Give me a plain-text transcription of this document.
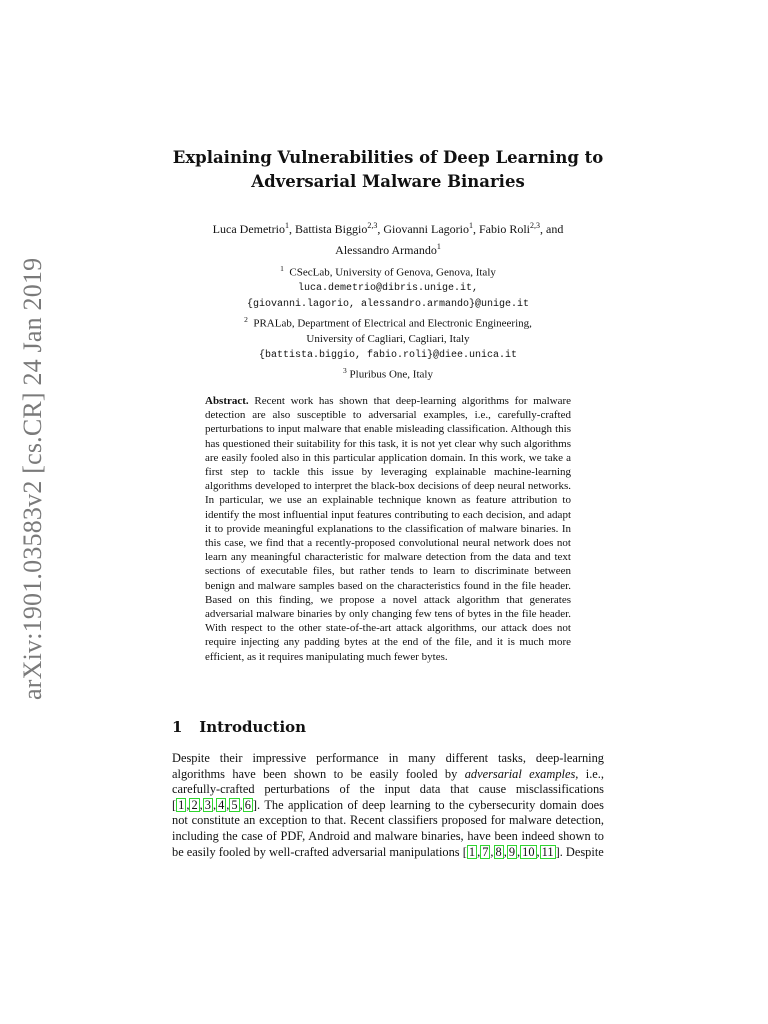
arXiv:1901.03583v2 [cs.CR] 24 Jan 2019
Explaining Vulnerabilities of Deep Learning to
Adversarial Malware Binaries
Luca Demetrio$^1$, Battista Biggio$^{2,3}$, Giovanni Lagorio$^1$, Fabio Roli$^{2,3}$, and
Alessandro Armando$^1$
$^1$ CSecLab, University of Genova, Genova, Italy
luca.demetrio@dibris.unige.it,
{giovanni.lagorio, alessandro.armando}@unige.it
$^2$ PRALab, Department of Electrical and Electronic Engineering,
University of Cagliari, Cagliari, Italy
{battista.biggio, fabio.roli}@diee.unica.it
$^3$ Pluribus One, Italy
Abstract. Recent work has shown that deep-learning algorithms for malware detection are also susceptible to adversarial examples, i.e., carefully-crafted perturbations to input malware that enable misleading classification. Although this has questioned their suitability for this task, it is not yet clear why such algorithms are easily fooled also in this particular application domain. In this work, we take a first step to tackle this issue by leveraging explainable machine-learning algorithms developed to interpret the black-box decisions of deep neural networks. In particular, we use an explainable technique known as feature attribution to identify the most influential input features contributing to each decision, and adapt it to provide meaningful explanations to the classification of malware binaries. In this case, we find that a recently-proposed convolutional neural network does not learn any meaningful characteristic for malware detection from the data and text sections of executable files, but rather tends to learn to discriminate between benign and malware samples based on the characteristics found in the file header. Based on this finding, we propose a novel attack algorithm that generates adversarial malware binaries by only changing few tens of bytes in the file header. With respect to the other state-of-the-art attack algorithms, our attack does not require injecting any padding bytes at the end of the file, and it is much more efficient, as it requires manipulating much fewer bytes.
1 Introduction
Despite their impressive performance in many different tasks, deep-learning algorithms have been shown to be easily fooled by adversarial examples, i.e., carefully-crafted perturbations of the input data that cause misclassifications [ 1 , 2 , 3 , 4 , 5 , 6 ]. The application of deep learning to the cybersecurity domain does not constitute an exception to that. Recent classifiers proposed for malware detection, including the case of PDF, Android and malware binaries, have been indeed shown to be easily fooled by well-crafted adversarial manipulations [ 1 , 7 , 8 , 9 , 10 , 11 ]. Despite
